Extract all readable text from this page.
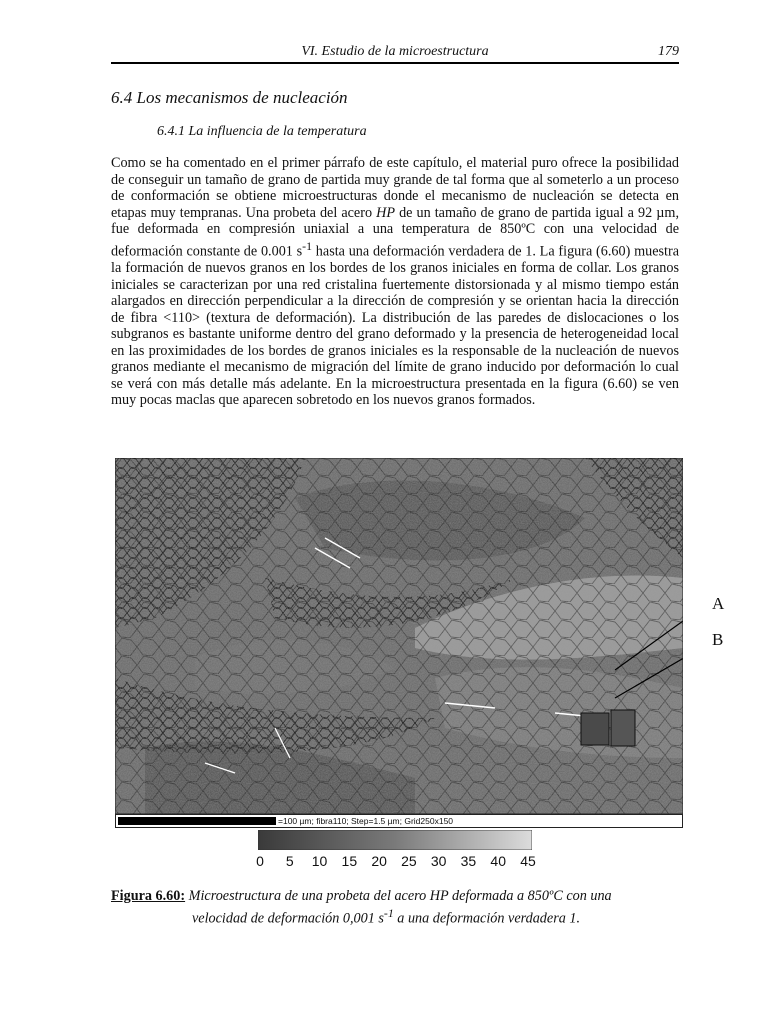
VI. Estudio de la microestructura	179
6.4 Los mecanismos de nucleación
6.4.1 La influencia de la temperatura

Como se ha comentado en el primer párrafo de este capítulo, el material puro ofrece la posibilidad de conseguir un tamaño de grano de partida muy grande de tal forma que al someterlo a un proceso de conformación se obtiene microestructuras donde el mecanismo de nucleación se detecta en etapas muy tempranas. Una probeta del acero HP de un tamaño de grano de partida igual a 92 µm, fue deformada en compresión uniaxial a una temperatura de 850ºC con una velocidad de deformación constante de 0.001 $s^{-1}$ hasta una deformación verdadera de 1. La figura (6.60) muestra la formación de nuevos granos en los bordes de los granos iniciales en forma de collar. Los granos iniciales se caracterizan por una red cristalina fuertemente distorsionada y al mismo tiempo están alargados en dirección perpendicular a la dirección de compresión y se orientan hacia la dirección de fibra <110> (textura de deformación). La distribución de las paredes de dislocaciones o los subgranos es bastante uniforme dentro del grano deformado y la presencia de heterogeneidad local en las proximidades de los bordes de granos iniciales es la responsable de la nucleación de nuevos granos mediante el mecanismo de migración del límite de grano inducido por deformación lo cual se verá con más detalle más adelante. En la microestructura presentada en la figura (6.60) se ven muy pocas maclas que aparecen sobretodo en los nuevos granos formados.

=100 µm; fibra110; Step=1.5 µm; Grid250x150
A
B
0 5 10 15 20 25 30 35 40 45

Figura 6.60: Microestructura de una probeta del acero HP deformada a 850ºC con una
velocidad de deformación 0,001 $s^{-1}$ a una deformación verdadera 1.
